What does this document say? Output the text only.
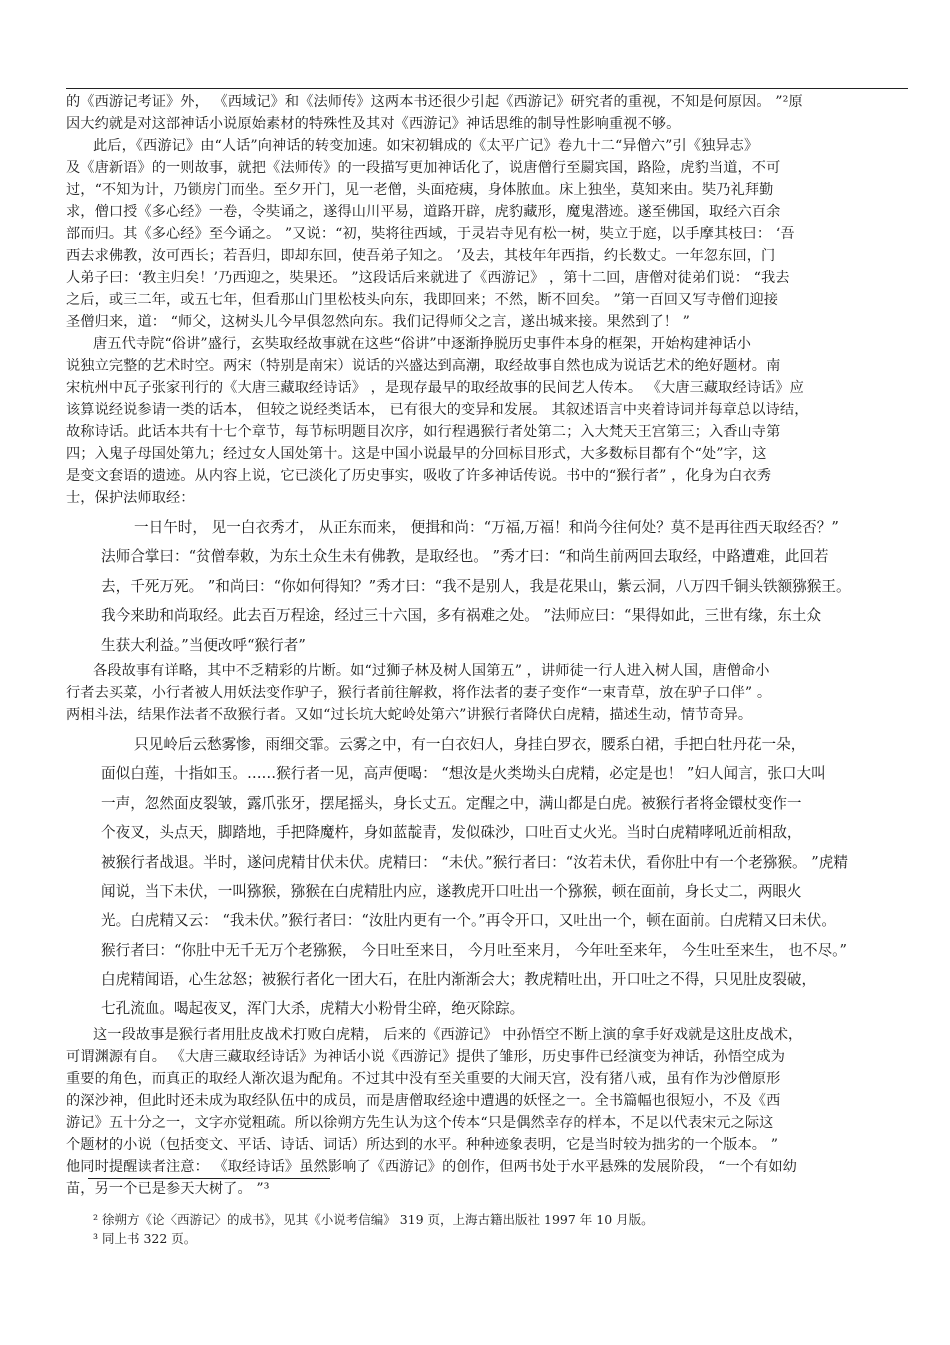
的《西游记考证》外， 《西域记》和《法师传》这两本书还很少引起《西游记》研究者的重视，不知是何原因。 ”²原
因大约就是对这部神话小说原始素材的特殊性及其对《西游记》神话思维的制导性影响重视不够。
此后，《西游记》由“人话”向神话的转变加速。如宋初辑成的《太平广记》卷九十二“异僧六”引《独异志》
及《唐新语》的一则故事，就把《法师传》的一段描写更加神话化了，说唐僧行至罽宾国，路险，虎豹当道，不可
过，“不知为计，乃锁房门而坐。至夕开门，见一老僧，头面疮痍，身体脓血。床上独坐，莫知来由。奘乃礼拜勤
求，僧口授《多心经》一卷，令奘诵之，遂得山川平易，道路开辟，虎豹藏形，魔鬼潜迹。遂至佛国，取经六百余
部而归。其《多心经》至今诵之。 ”又说：“初，奘将往西域，于灵岩寺见有松一树，奘立于庭，以手摩其枝曰： ‘吾
西去求佛教，汝可西长；若吾归，即却东回，使吾弟子知之。 ’及去，其枝年年西指，约长数丈。一年忽东回，门
人弟子曰：‘教主归矣！’乃西迎之，奘果还。 ”这段话后来就进了《西游记》 ，第十二回，唐僧对徒弟们说： “我去
之后，或三二年，或五七年，但看那山门里松枝头向东，我即回来；不然，断不回矣。 ”第一百回又写寺僧们迎接
圣僧归来，道： “师父，这树头儿今早俱忽然向东。我们记得师父之言，遂出城来接。果然到了！ ”
唐五代寺院“俗讲”盛行，玄奘取经故事就在这些“俗讲”中逐渐挣脱历史事件本身的框架，开始构建神话小
说独立完整的艺术时空。两宋（特别是南宋）说话的兴盛达到高潮，取经故事自然也成为说话艺术的绝好题材。南
宋杭州中瓦子张家刊行的《大唐三藏取经诗话》 ，是现存最早的取经故事的民间艺人传本。 《大唐三藏取经诗话》应
该算说经说参请一类的话本， 但较之说经类话本， 已有很大的变异和发展。 其叙述语言中夹着诗词并每章总以诗结，
故称诗话。此话本共有十七个章节，每节标明题目次序，如行程遇猴行者处第二；入大梵天王宫第三；入香山寺第
四；入鬼子母国处第九；经过女人国处第十。这是中国小说最早的分回标目形式，大多数标目都有个“处”字，这
是变文套语的遗迹。从内容上说，它已淡化了历史事实，吸收了许多神话传说。书中的“猴行者” ，化身为白衣秀
士，保护法师取经：
一日午时， 见一白衣秀才， 从正东而来， 便揖和尚：“万福,万福！和尚今往何处？莫不是再往西天取经否？”
法师合掌曰：“贫僧奉敕，为东土众生未有佛教，是取经也。 ”秀才曰：“和尚生前两回去取经，中路遭难，此回若
去，千死万死。 ”和尚曰：“你如何得知？”秀才曰：“我不是别人，我是花果山，紫云洞，八万四千铜头铁额猕猴王。
我今来助和尚取经。此去百万程途，经过三十六国，多有祸难之处。 ”法师应曰：“果得如此，三世有缘，东土众
生获大利益。”当便改呼“猴行者”
各段故事有详略，其中不乏精彩的片断。如“过狮子林及树人国第五” ，讲师徒一行人进入树人国，唐僧命小
行者去买菜，小行者被人用妖法变作驴子，猴行者前往解救，将作法者的妻子变作“一束青草，放在驴子口伴” 。
两相斗法，结果作法者不敌猴行者。又如“过长坑大蛇岭处第六”讲猴行者降伏白虎精，描述生动，情节奇异。
只见岭后云愁雾惨，雨细交霏。云雾之中，有一白衣妇人，身挂白罗衣，腰系白裙，手把白牡丹花一朵，
面似白莲，十指如玉。……猴行者一见，高声便喝： “想汝是火类坳头白虎精，必定是也！ ”妇人闻言，张口大叫
一声，忽然面皮裂皱，露爪张牙，摆尾摇头，身长丈五。定醒之中，满山都是白虎。被猴行者将金镮杖变作一
个夜叉，头点天，脚踏地，手把降魔杵，身如蓝靛青，发似硃沙，口吐百丈火光。当时白虎精哮吼近前相敌，
被猴行者战退。半时，遂问虎精甘伏未伏。虎精曰： “未伏。”猴行者曰：“汝若未伏，看你肚中有一个老猕猴。 ”虎精
闻说，当下未伏，一叫猕猴，猕猴在白虎精肚内应，遂教虎开口吐出一个猕猴，顿在面前，身长丈二，两眼火
光。白虎精又云： “我未伏。”猴行者曰：“汝肚内更有一个。”再令开口，又吐出一个，顿在面前。白虎精又曰未伏。
猴行者曰：“你肚中无千无万个老猕猴， 今日吐至来日， 今月吐至来月， 今年吐至来年， 今生吐至来生， 也不尽。”
白虎精闻语，心生忿怒；被猴行者化一团大石，在肚内渐渐会大；教虎精吐出，开口吐之不得，只见肚皮裂破，
七孔流血。喝起夜叉，浑门大杀，虎精大小粉骨尘碎，绝灭除踪。
这一段故事是猴行者用肚皮战术打败白虎精， 后来的《西游记》 中孙悟空不断上演的拿手好戏就是这肚皮战术，
可谓渊源有自。 《大唐三藏取经诗话》为神话小说《西游记》提供了雏形，历史事件已经演变为神话，孙悟空成为
重要的角色，而真正的取经人渐次退为配角。不过其中没有至关重要的大闹天宫，没有猪八戒，虽有作为沙僧原形
的深沙神，但此时还未成为取经队伍中的成员，而是唐僧取经途中遭遇的妖怪之一。全书篇幅也很短小，不及《西
游记》五十分之一，文字亦觉粗疏。所以徐朔方先生认为这个传本“只是偶然幸存的样本，不足以代表宋元之际这
个题材的小说（包括变文、平话、诗话、词话）所达到的水平。种种迹象表明，它是当时较为拙劣的一个版本。 ”
他同时提醒读者注意： 《取经诗话》虽然影响了《西游记》的创作，但两书处于水平悬殊的发展阶段， “一个有如幼
苗，另一个已是参天大树了。 ”³
² 徐朔方《论〈西游记〉的成书》，见其《小说考信编》 319 页，上海古籍出版社 1997 年 10 月版。
³ 同上书 322 页。
